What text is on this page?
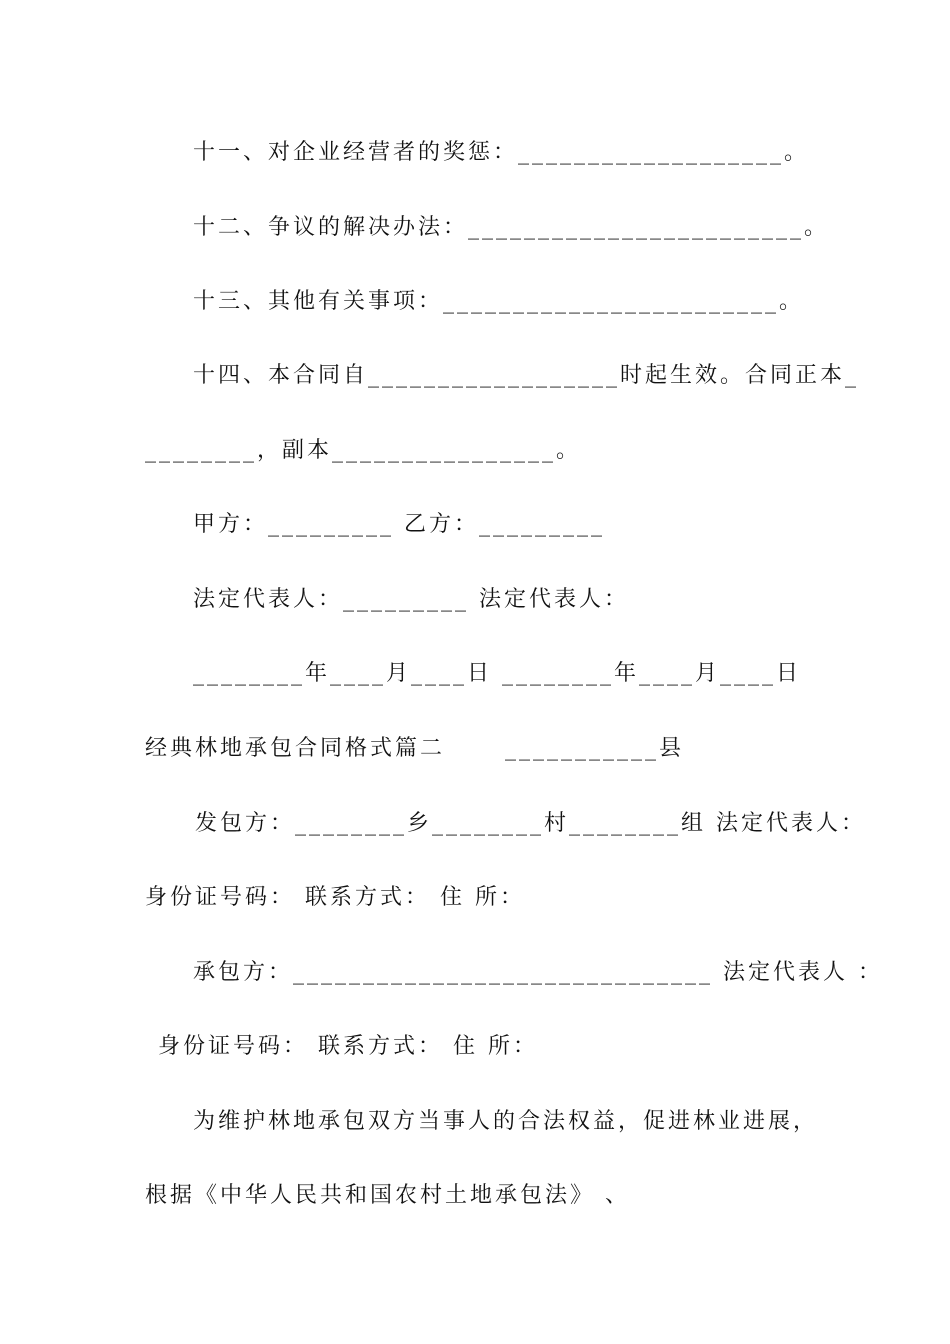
十一、对企业经营者的奖惩：___________________。
十二、争议的解决办法：________________________。
十三、其他有关事项：________________________。
十四、本合同自__________________时起生效。合同正本_
________，副本________________。
甲方：_________ 乙方：_________
法定代表人：_________ 法定代表人：
________年____月____日 ________年____月____日
经典林地承包合同格式篇二      ___________县
发包方：________乡________村________组 法定代表人：
身份证号码： 联系方式： 住 所：
承包方：______________________________ 法定代表人 ：
身份证号码： 联系方式： 住 所：
为维护林地承包双方当事人的合法权益，促进林业进展，
根据《中华人民共和国农村土地承包法》 、
